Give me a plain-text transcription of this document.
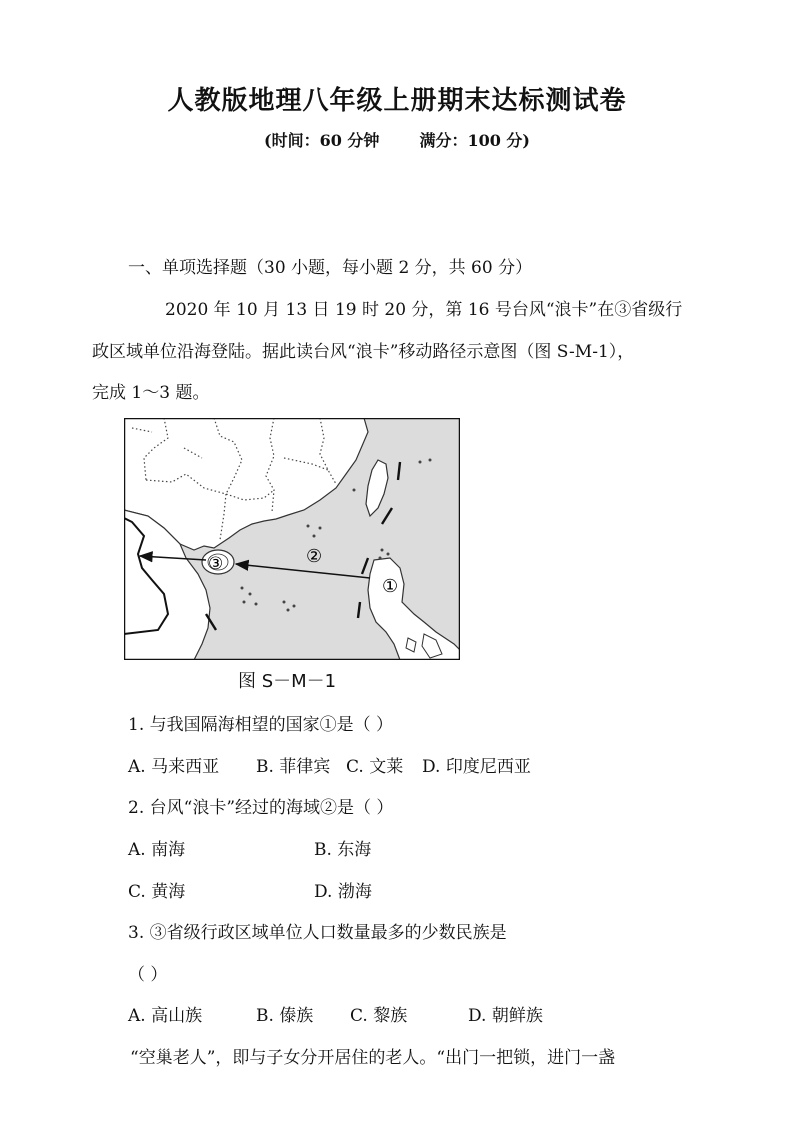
人教版地理八年级上册期末达标测试卷
(时间：60 分钟	满分：100 分)
一、单项选择题（30 小题，每小题 2 分，共 60 分）
2020 年 10 月 13 日 19 时 20 分，第 16 号台风“浪卡”在③省级行
政区域单位沿海登陆。据此读台风“浪卡”移动路径示意图（图 S-M-1），
完成 1～3 题。
②
①
③
图 S－M－1
1. 与我国隔海相望的国家①是（ ）
A. 马来西亚 B. 菲律宾 C. 文莱 D. 印度尼西亚
2. 台风“浪卡”经过的海域②是（ ）
A. 南海	B. 东海
C. 黄海	D. 渤海
3. ③省级行政区域单位人口数量最多的少数民族是
（ ）
A. 高山族	B. 傣族 C. 黎族	D. 朝鲜族
“空巢老人”，即与子女分开居住的老人。“出门一把锁，进门一盏
